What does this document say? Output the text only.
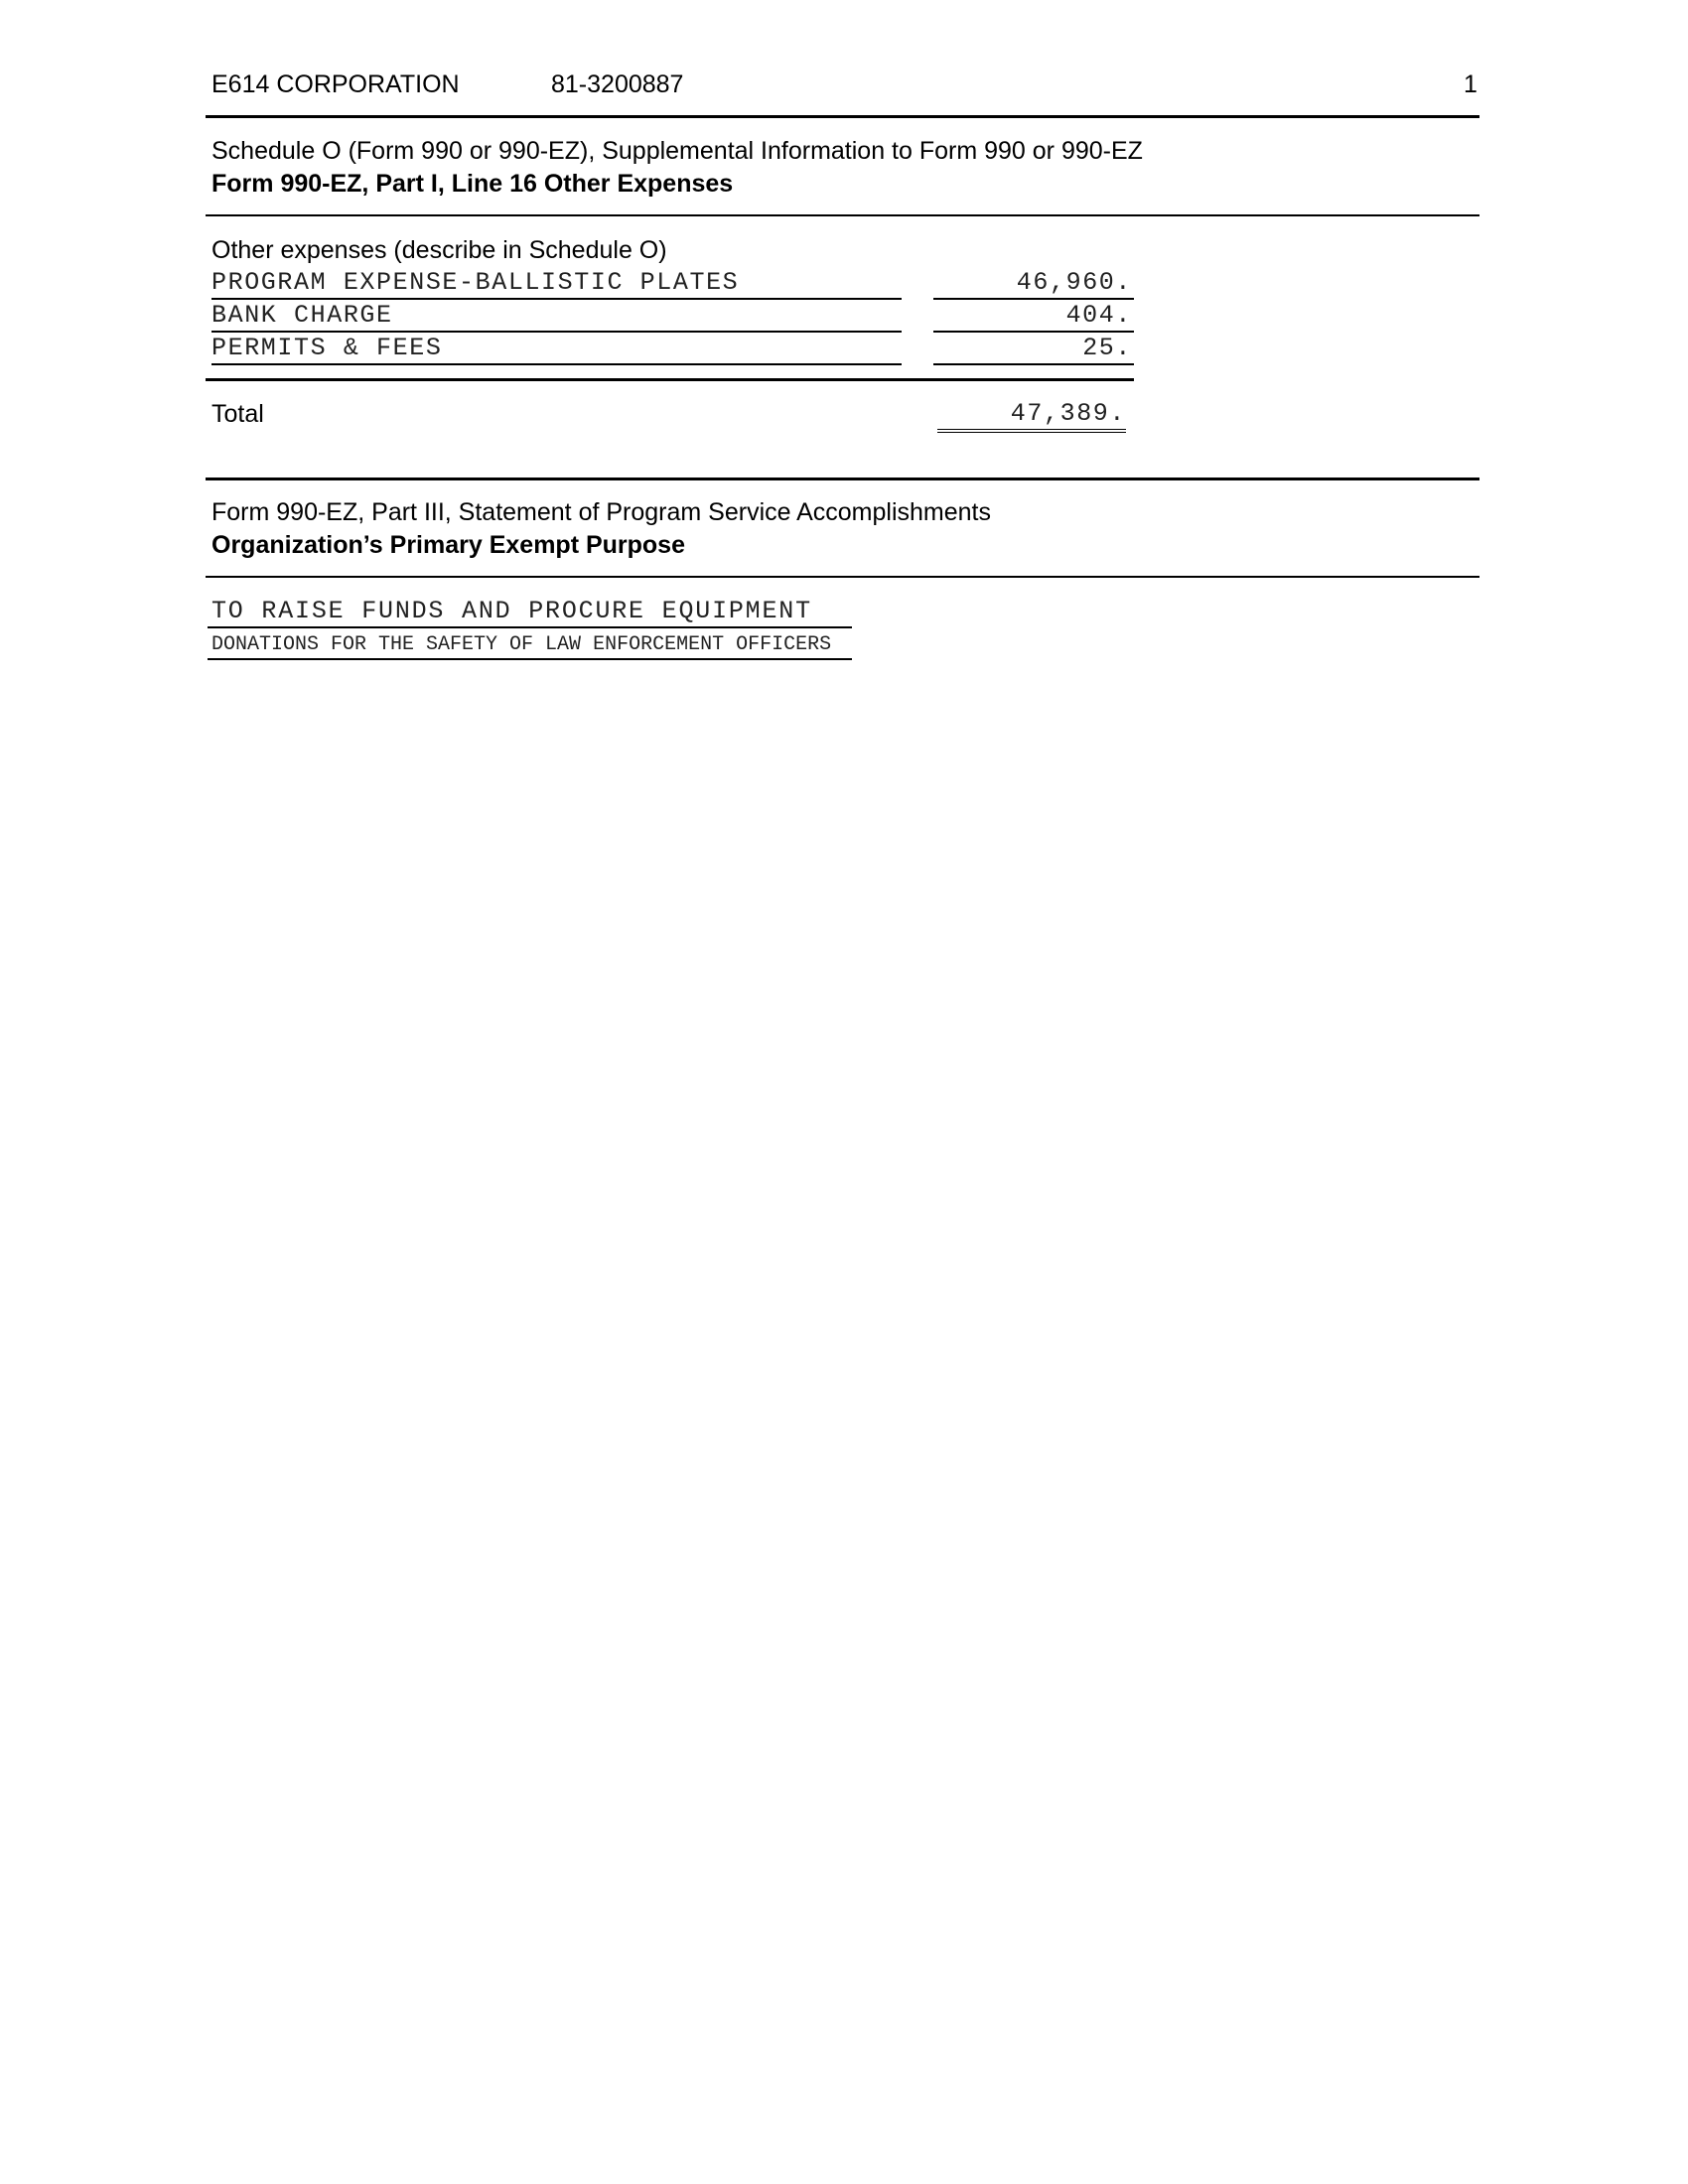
E614 CORPORATION	81-3200887	1
Schedule O (Form 990 or 990-EZ), Supplemental Information to Form 990 or 990-EZ
Form 990-EZ, Part I, Line 16 Other Expenses
Other expenses (describe in Schedule O)
PROGRAM EXPENSE-BALLISTIC PLATES	46,960.
BANK CHARGE	404.
PERMITS & FEES	25.
Total	47,389.
Form 990-EZ, Part III, Statement of Program Service Accomplishments
Organization’s Primary Exempt Purpose
TO RAISE FUNDS AND PROCURE EQUIPMENT
DONATIONS FOR THE SAFETY OF LAW ENFORCEMENT OFFICERS
